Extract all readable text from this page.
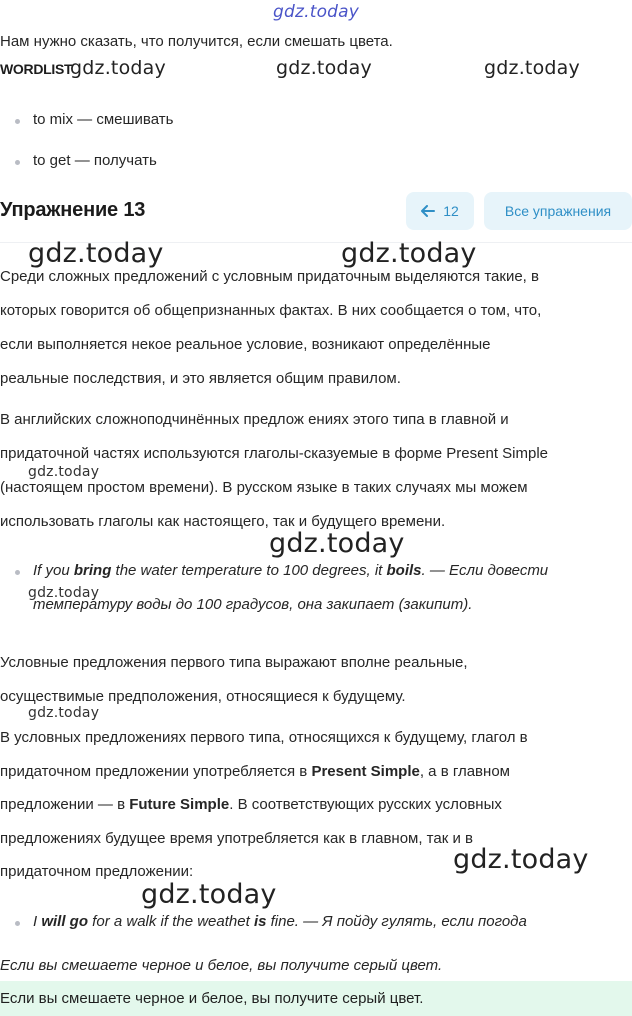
gdz.today
Нам нужно сказать, что получится, если смешать цвета.
WORDLIST
gdz.today	gdz.today	gdz.today
to mix — смешивать
to get — получать
Упражнение 13	12	Все упражнения
gdz.today	gdz.today
Среди сложных предложений с условным придаточным выделяются такие, в
которых говорится об общепризнанных фактах. В них сообщается о том, что,
если выполняется некое реальное условие, возникают определённые
реальные последствия, и это является общим правилом.
В английских сложноподчинённых предлож ениях этого типа в главной и
придаточной частях используются глаголы-сказуемые в форме Present Simple
gdz.today
(настоящем простом времени). В русском языке в таких случаях мы можем
использовать глаголы как настоящего, так и будущего времени.
gdz.today
If you bring the water temperature to 100 degrees, it boils. — Если довести
gdz.today
температуру воды до 100 градусов, она закипает (закипит).
Условные предложения первого типа выражают вполне реальные,
осуществимые предположения, относящиеся к будущему.
gdz.today
В условных предложениях первого типа, относящихся к будущему, глагол в
придаточном предложении употребляется в Present Simple, а в главном
предложении — в Future Simple. В соответствующих русских условных
предложениях будущее время употребляется как в главном, так и в
gdz.today
придаточном предложении:
gdz.today
I will go for a walk if the weathet is fine. — Я пойду гулять, если погода
Если вы смешаете черное и белое, вы получите серый цвет.
Если вы смешаете черное и белое, вы получите серый цвет.
